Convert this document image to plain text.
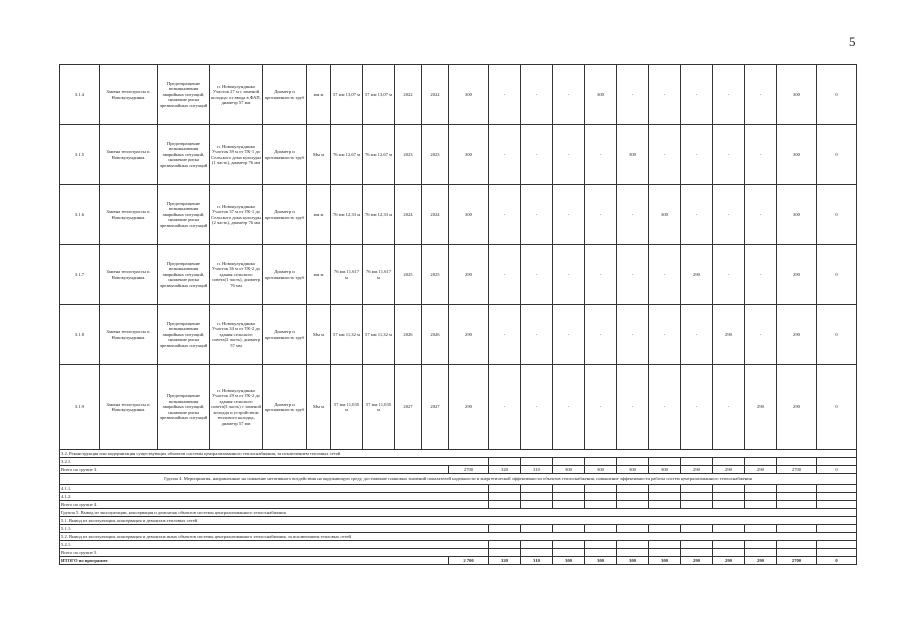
5
3.1.4	Замена теплотрассы п. Новокулундинка.	Предотвращение возникновения аварийных ситуаций, снижение риска чрезвычайных ситуаций	п. Новокулундинка Участок 27 м с заменой колодца: от ввода в ФАП, диаметр 57 мм	Диаметр и протяженность труб	мм м	57 мм 13,07 м	57 мм 13,07 м	2022	2022	300	-	-	-	300	-	-	-	-	-	300	0
3.1.5	Замена теплотрассы п. Новокулундинка.	Предотвращение возникновения аварийных ситуаций, снижение риска чрезвычайных ситуаций	п. Новокулундинка Участок 39 м от ТК-1 до Сельского дома культуры (1 часть), диаметр 76 мм	Диаметр и протяженность труб	Мм м	76 мм 12,67 м	76 мм 12,67 м	2023	2023	300	-	-	-	-	300	-	-	-	-	300	0
3.1.6	Замена теплотрассы п. Новокулундинка.	Предотвращение возникновения аварийных ситуаций, снижение риска чрезвычайных ситуаций	п. Новокулундинка Участок 37 м от ТК-1 до Сельского дома культуры (2 часть), диаметр 76 мм	Диаметр и протяженность труб	мм м	76 мм 12,33 м	76 мм 12,33 м	2024	2024	300	-	-	-	-	-	300	-	-	-	300	0
3.1.7	Замена теплотрассы п. Новокулундинка.	Предотвращение возникновения аварийных ситуаций, снижение риска чрезвычайных ситуаций	п. Новокулундинка Участок 36 м от ТК-2 до здания сельского совета(1 часть), диаметр 76 мм	Диаметр и протяженность труб	мм м	76 мм 11,617 м	76 мм 11,617 м	2025	2025	290	-	-	-	-	-	-	290	-	-	290	0
3.1.8	Замена теплотрассы п. Новокулундинка.	Предотвращение возникновения аварийных ситуаций, снижение риска чрезвычайных ситуаций	п. Новокулундинка Участок 34 м от ТК-2 до здания сельского совета(2 часть), диаметр 57 мм	Диаметр и протяженность труб	Мм м	57 мм 11,32 м	57 мм 11,32 м	2026	2026	290	-	-	-	-	-	-	-	290	-	290	0
3.1.9	Замена теплотрассы п. Новокулундинка.	Предотвращение возникновения аварийных ситуаций, снижение риска чрезвычайных ситуаций	п. Новокулундинка Участок 29 м от ТК-2 до здания сельского совета(3 часть) с заменой колодца и устройством теплового колодца, диаметр 57 мм	Диаметр и протяженность труб	Мм м	57 мм 11,035 м	57 мм 11,035 м	2027	2027	290	-	-	-	-	-	-	-	-	290	290	0
3.2. Реконструкция или модернизация существующих объектов системы централизованного теплоснабжения, за исключением тепловых сетей																					
3.2.1.																					
Всего по группе 3.										2700	320	310	300	300	300	300	290	290	290	2700	0
Группа 4. Мероприятия, направленные на снижение негативного воздействия на окружающую среду, достижение плановых значений показателей надежности и энергетической эффективности объектов теплоснабжения, повышение эффективности работы систем централизованного теплоснабжения																					
4.1.1.																					
4.1.2.																					
Всего по группе 4.																					
Группа 5. Вывод из эксплуатации, консервация и демонтаж объектов системы централизованного теплоснабжения																					
5.1. Вывод из эксплуатации, консервация и демонтаж тепловых сетей																					
5.1.1.																					
5.2. Вывод из эксплуатации, консервация и демонтаж иных объектов системы централизованного теплоснабжения, за исключением тепловых сетей																					
5.2.1.																					
Всего по группе 5.																					
ИТОГО по программе										2 700	320	310	300	300	300	300	290	290	290	2700	0
